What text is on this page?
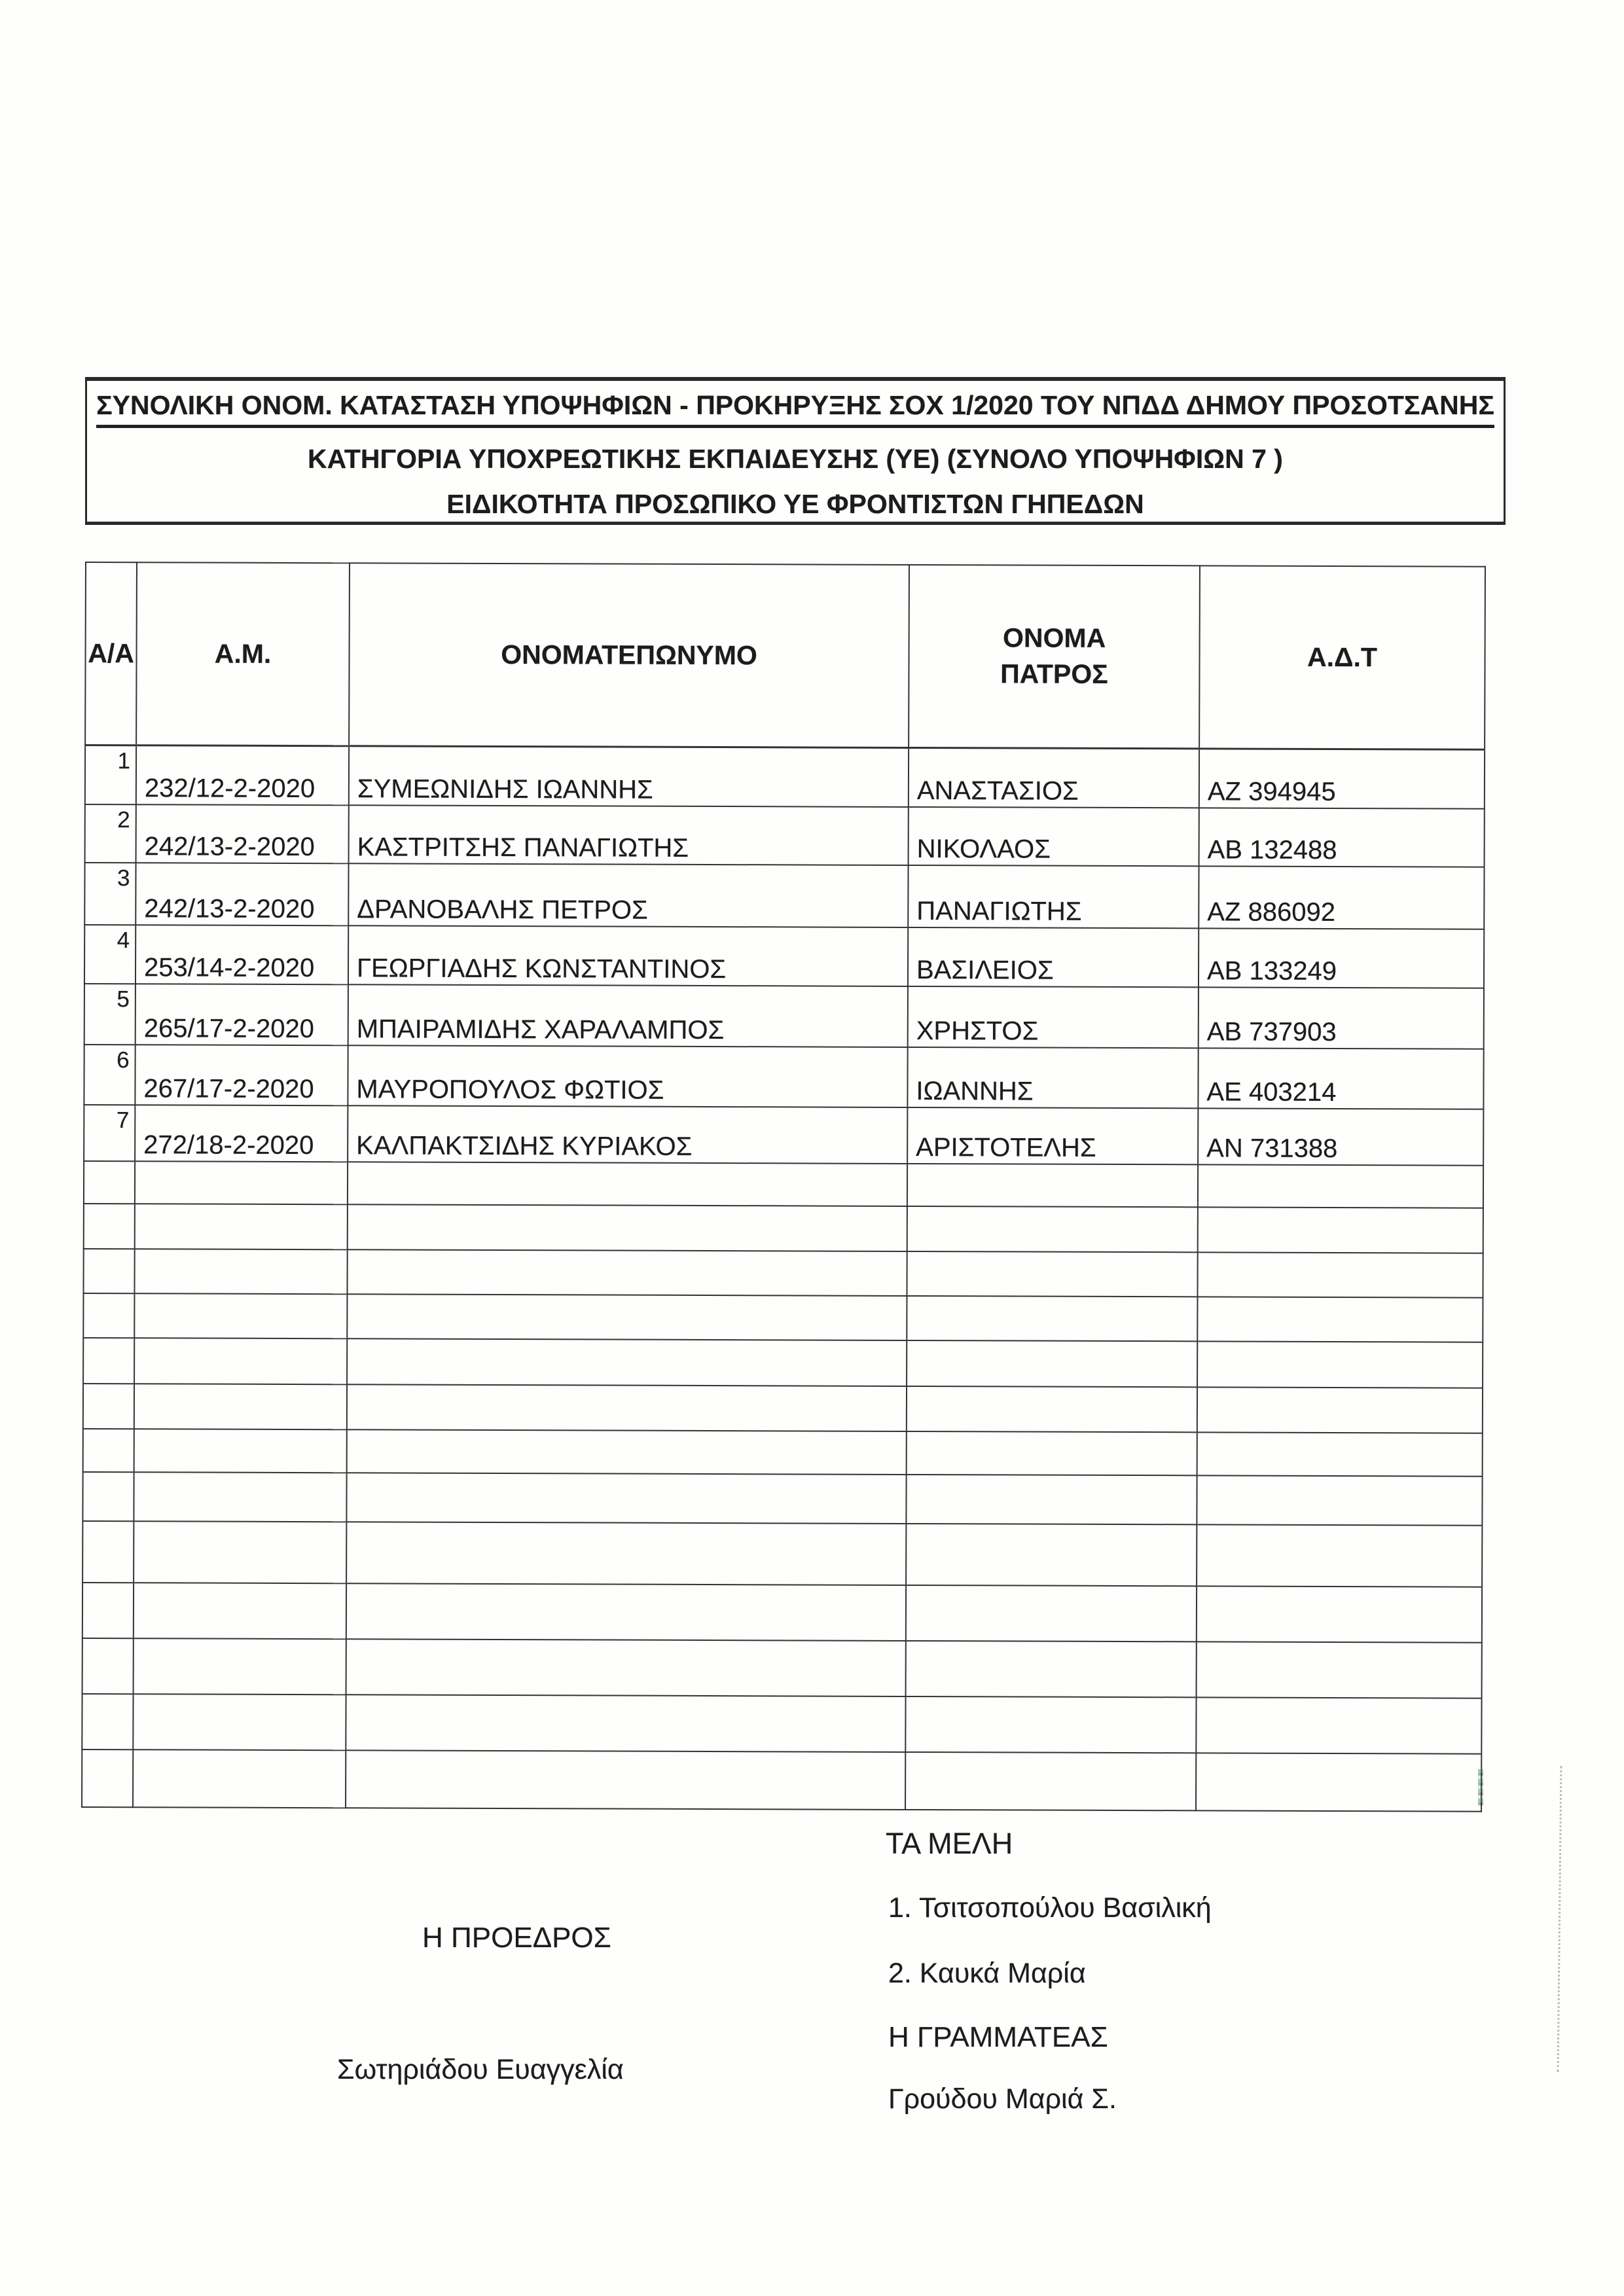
ΣΥΝΟΛΙΚΗ ΟΝΟΜ. ΚΑΤΑΣΤΑΣΗ ΥΠΟΨΗΦΙΩΝ - ΠΡΟΚΗΡΥΞΗΣ ΣΟΧ 1/2020 ΤΟΥ ΝΠΔΔ ΔΗΜΟΥ ΠΡΟΣΟΤΣΑΝΗΣ
ΚΑΤΗΓΟΡΙΑ ΥΠΟΧΡΕΩΤΙΚΗΣ ΕΚΠΑΙΔΕΥΣΗΣ (ΥΕ) (ΣΥΝΟΛΟ ΥΠΟΨΗΦΙΩΝ 7 )
ΕΙΔΙΚΟΤΗΤΑ ΠΡΟΣΩΠΙΚΟ ΥΕ ΦΡΟΝΤΙΣΤΩΝ ΓΗΠΕΔΩΝ
Α/Α	Α.Μ.	ΟΝΟΜΑΤΕΠΩΝΥΜΟ	ΟΝΟΜΑ ΠΑΤΡΟΣ	Α.Δ.Τ
1	232/12-2-2020	ΣΥΜΕΩΝΙΔΗΣ ΙΩΑΝΝΗΣ	ΑΝΑΣΤΑΣΙΟΣ	ΑΖ 394945
2	242/13-2-2020	ΚΑΣΤΡΙΤΣΗΣ ΠΑΝΑΓΙΩΤΗΣ	ΝΙΚΟΛΑΟΣ	ΑΒ 132488
3	242/13-2-2020	ΔΡΑΝΟΒΑΛΗΣ ΠΕΤΡΟΣ	ΠΑΝΑΓΙΩΤΗΣ	ΑΖ 886092
4	253/14-2-2020	ΓΕΩΡΓΙΑΔΗΣ ΚΩΝΣΤΑΝΤΙΝΟΣ	ΒΑΣΙΛΕΙΟΣ	ΑΒ 133249
5	265/17-2-2020	ΜΠΑΙΡΑΜΙΔΗΣ ΧΑΡΑΛΑΜΠΟΣ	ΧΡΗΣΤΟΣ	ΑΒ 737903
6	267/17-2-2020	ΜΑΥΡΟΠΟΥΛΟΣ ΦΩΤΙΟΣ	ΙΩΑΝΝΗΣ	ΑΕ 403214
7	272/18-2-2020	ΚΑΛΠΑΚΤΣΙΔΗΣ ΚΥΡΙΑΚΟΣ	ΑΡΙΣΤΟΤΕΛΗΣ	ΑΝ 731388

ΤΑ ΜΕΛΗ
1. Τσιτσοπούλου Βασιλική
Η ΠΡΟΕΔΡΟΣ
2. Καυκά Μαρία
Η ΓΡΑΜΜΑΤΕΑΣ
Σωτηριάδου Ευαγγελία
Γρούδου Μαριά Σ.
